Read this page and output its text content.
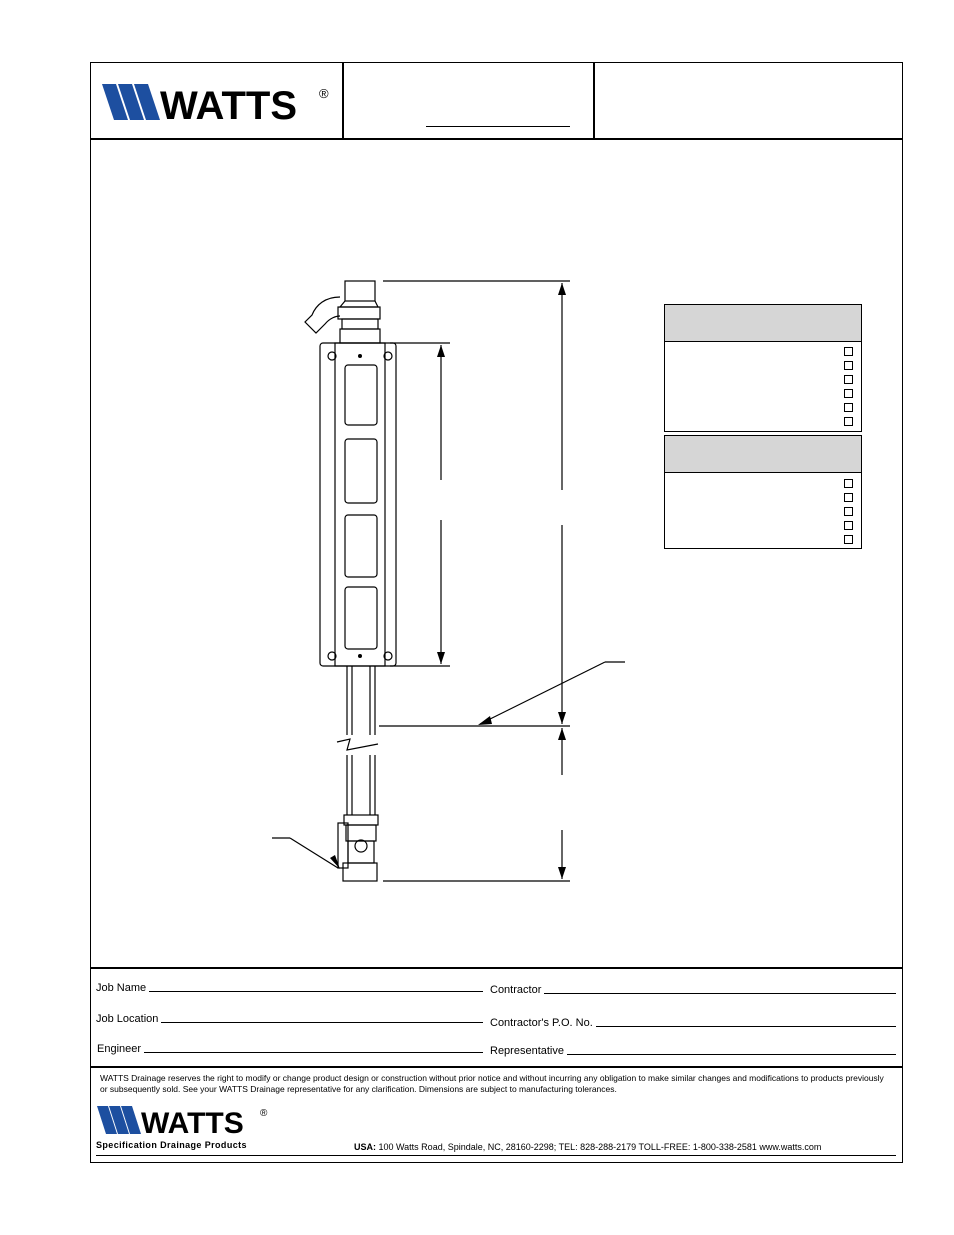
WATTS ®
Job Name
Job Location
Engineer
Contractor
Contractor's P.O. No.
Representative
WATTS Drainage reserves the right to modify or change product design or construction without prior notice and without incurring any obligation to make similar changes and modifications to products previously or subsequently sold. See your WATTS Drainage representative for any clarification. Dimensions are subject to manufacturing tolerances.
WATTS ®
Specification Drainage Products	USA: 100 Watts Road, Spindale, NC, 28160-2298; TEL: 828-288-2179 TOLL-FREE: 1-800-338-2581 www.watts.com
